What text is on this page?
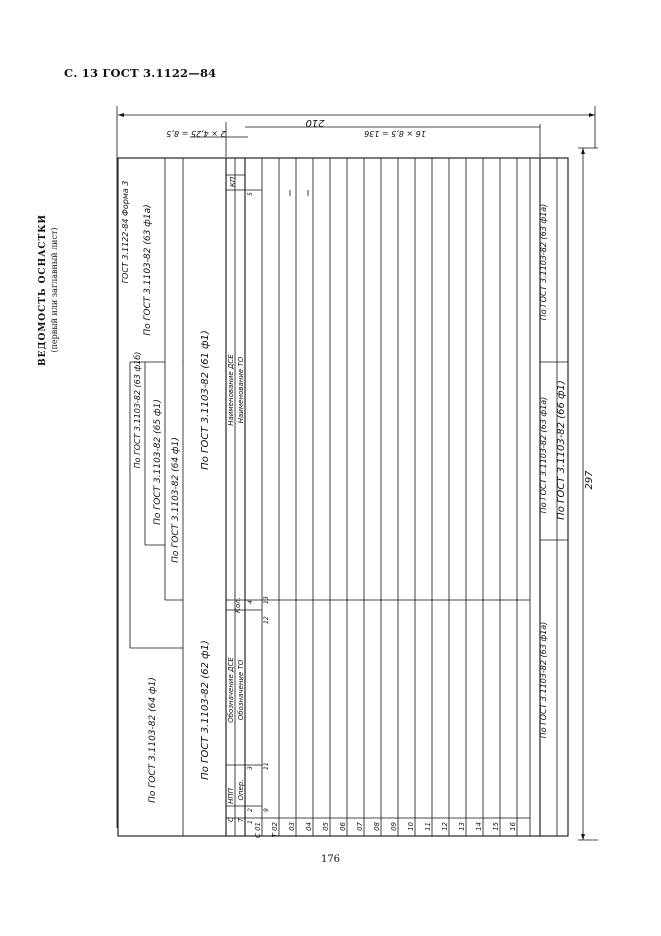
С. 13 ГОСТ 3.1122—84
ВЕДОМОСТЬ ОСНАСТКИ (первый или заглавный лист)
176
210
16 × 8,5 = 136
2 × 4,25 = 8,5
297
ГОСТ 3.1122-84 Форма 3 По ГОСТ 3.1103-82 (63 ф1а)
По ГОСТ 3.1103-82 (63 ф1б) По ГОСТ 3.1103-82 (65 ф1) По ГОСТ 3.1103-82 (64 ф1)
По ГОСТ 3.1103-82 (61 ф1)
По ГОСТ 3.1103-82 (64 ф1)	По ГОСТ 3.1103-82 (62 ф1)
С Т
НПП Опер.
Обозначение ДСЕ Обозначение ТО
Кол.
КП
Наименование ДСЕ Наименование ТО
1
2
3
4
5
9
11
12
13
С 01 Т 02 03 04 05 06 07 08 09 10 11 12 13 14 15 16
По ГОСТ 3.1103-82 (63 ф1а)
По ГОСТ 3.1103-82 (63 ф1а)
По ГОСТ 3.1103-82 (63 ф1а)
По ГОСТ 3.1103-82 (66 ф1)
